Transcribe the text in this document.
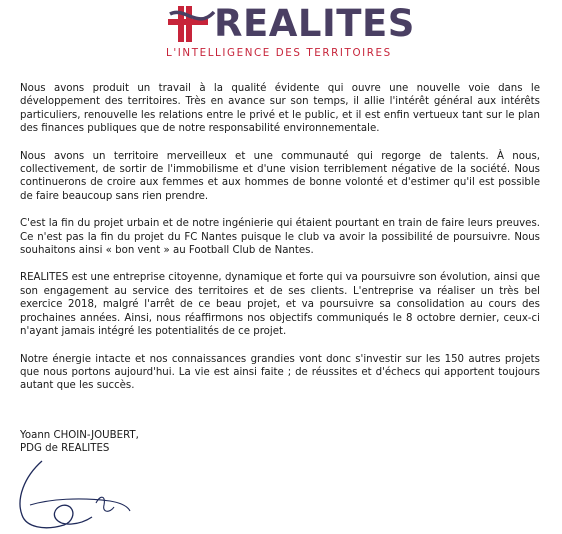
REALITES
L'INTELLIGENCE DES TERRITOIRES

Nous avons produit un travail à la qualité évidente qui ouvre une nouvelle voie dans le développement des territoires. Très en avance sur son temps, il allie l'intérêt général aux intérêts particuliers, renouvelle les relations entre le privé et le public, et il est enfin vertueux tant sur le plan des finances publiques que de notre responsabilité environnementale.

Nous avons un territoire merveilleux et une communauté qui regorge de talents. À nous, collectivement, de sortir de l'immobilisme et d'une vision terriblement négative de la société. Nous continuerons de croire aux femmes et aux hommes de bonne volonté et d'estimer qu'il est possible de faire beaucoup sans rien prendre.

C'est la fin du projet urbain et de notre ingénierie qui étaient pourtant en train de faire leurs preuves. Ce n'est pas la fin du projet du FC Nantes puisque le club va avoir la possibilité de poursuivre. Nous souhaitons ainsi « bon vent » au Football Club de Nantes.

REALITES est une entreprise citoyenne, dynamique et forte qui va poursuivre son évolution, ainsi que son engagement au service des territoires et de ses clients. L'entreprise va réaliser un très bel exercice 2018, malgré l'arrêt de ce beau projet, et va poursuivre sa consolidation au cours des prochaines années. Ainsi, nous réaffirmons nos objectifs communiqués le 8 octobre dernier, ceux-ci n'ayant jamais intégré les potentialités de ce projet.

Notre énergie intacte et nos connaissances grandies vont donc s'investir sur les 150 autres projets que nous portons aujourd'hui. La vie est ainsi faite ; de réussites et d'échecs qui apportent toujours autant que les succès.

Yoann CHOIN-JOUBERT,
PDG de REALITES
